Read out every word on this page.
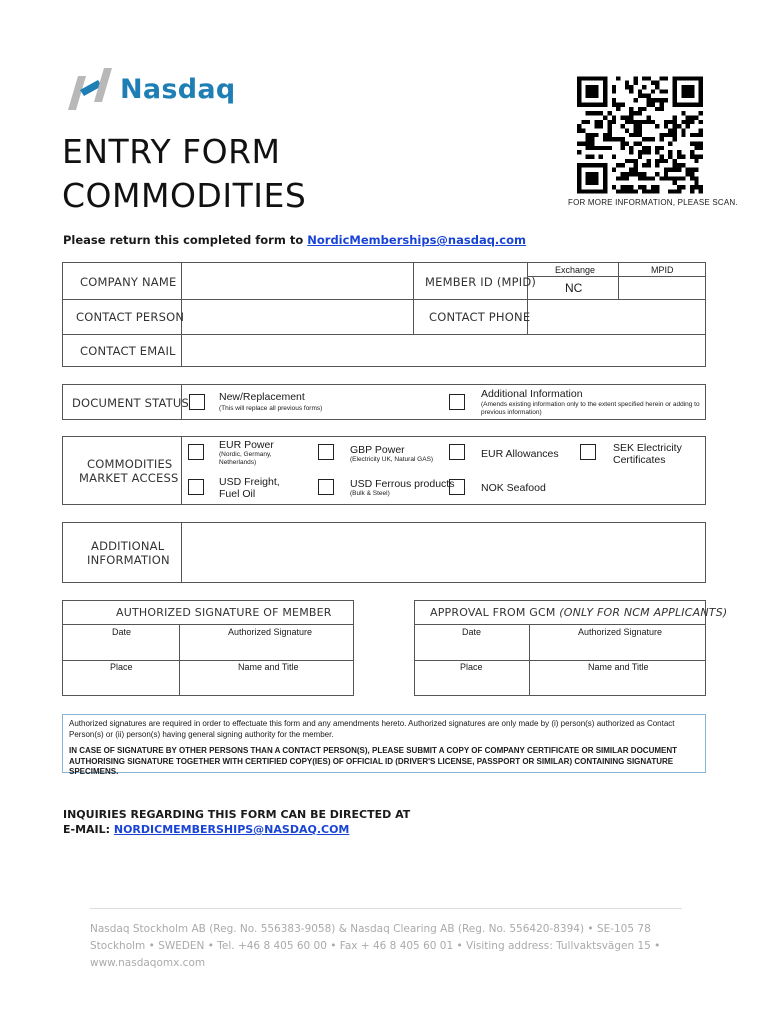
Nasdaq
ENTRY FORM
COMMODITIES	FOR MORE INFORMATION, PLEASE SCAN.
Please return this completed form to NordicMemberships@nasdaq.com
COMPANY NAME	MEMBER ID (MPID)
Exchange	MPID
NC
CONTACT PERSON	CONTACT PHONE
CONTACT EMAIL
DOCUMENT STATUS	New/Replacement
(This will replace all previous forms)
Additional Information
(Amends existing information only to the extent specified herein or adding to previous information)
COMMODITIES
MARKET ACCESS
EUR Power
(Nordic, Germany, Netherlands)
GBP Power
(Electricity UK, Natural GAS)	EUR Allowances	SEK Electricity Certificates
USD Freight, Fuel Oil
USD Ferrous products
(Bulk & Steel)	NOK Seafood
ADDITIONAL
INFORMATION
AUTHORIZED SIGNATURE OF MEMBER
Date	Authorized Signature
Place	Name and Title
APPROVAL FROM GCM (ONLY FOR NCM APPLICANTS)
Date	Authorized Signature
Place	Name and Title
Authorized signatures are required in order to effectuate this form and any amendments hereto. Authorized signatures are only made by (i) person(s) authorized as Contact Person(s) or (ii) person(s) having general signing authority for the member.
IN CASE OF SIGNATURE BY OTHER PERSONS THAN A CONTACT PERSON(S), PLEASE SUBMIT A COPY OF COMPANY CERTIFICATE OR SIMILAR DOCUMENT AUTHORISING SIGNATURE TOGETHER WITH CERTIFIED COPY(IES) OF OFFICIAL ID (DRIVER'S LICENSE, PASSPORT OR SIMILAR) CONTAINING SIGNATURE SPECIMENS.
INQUIRIES REGARDING THIS FORM CAN BE DIRECTED AT
E-MAIL: NORDICMEMBERSHIPS@NASDAQ.COM
Nasdaq Stockholm AB (Reg. No. 556383-9058) & Nasdaq Clearing AB (Reg. No. 556420-8394) • SE-105 78 Stockholm • SWEDEN • Tel. +46 8 405 60 00 • Fax + 46 8 405 60 01 • Visiting address: Tullvaktsvägen 15 • www.nasdaqomx.com
